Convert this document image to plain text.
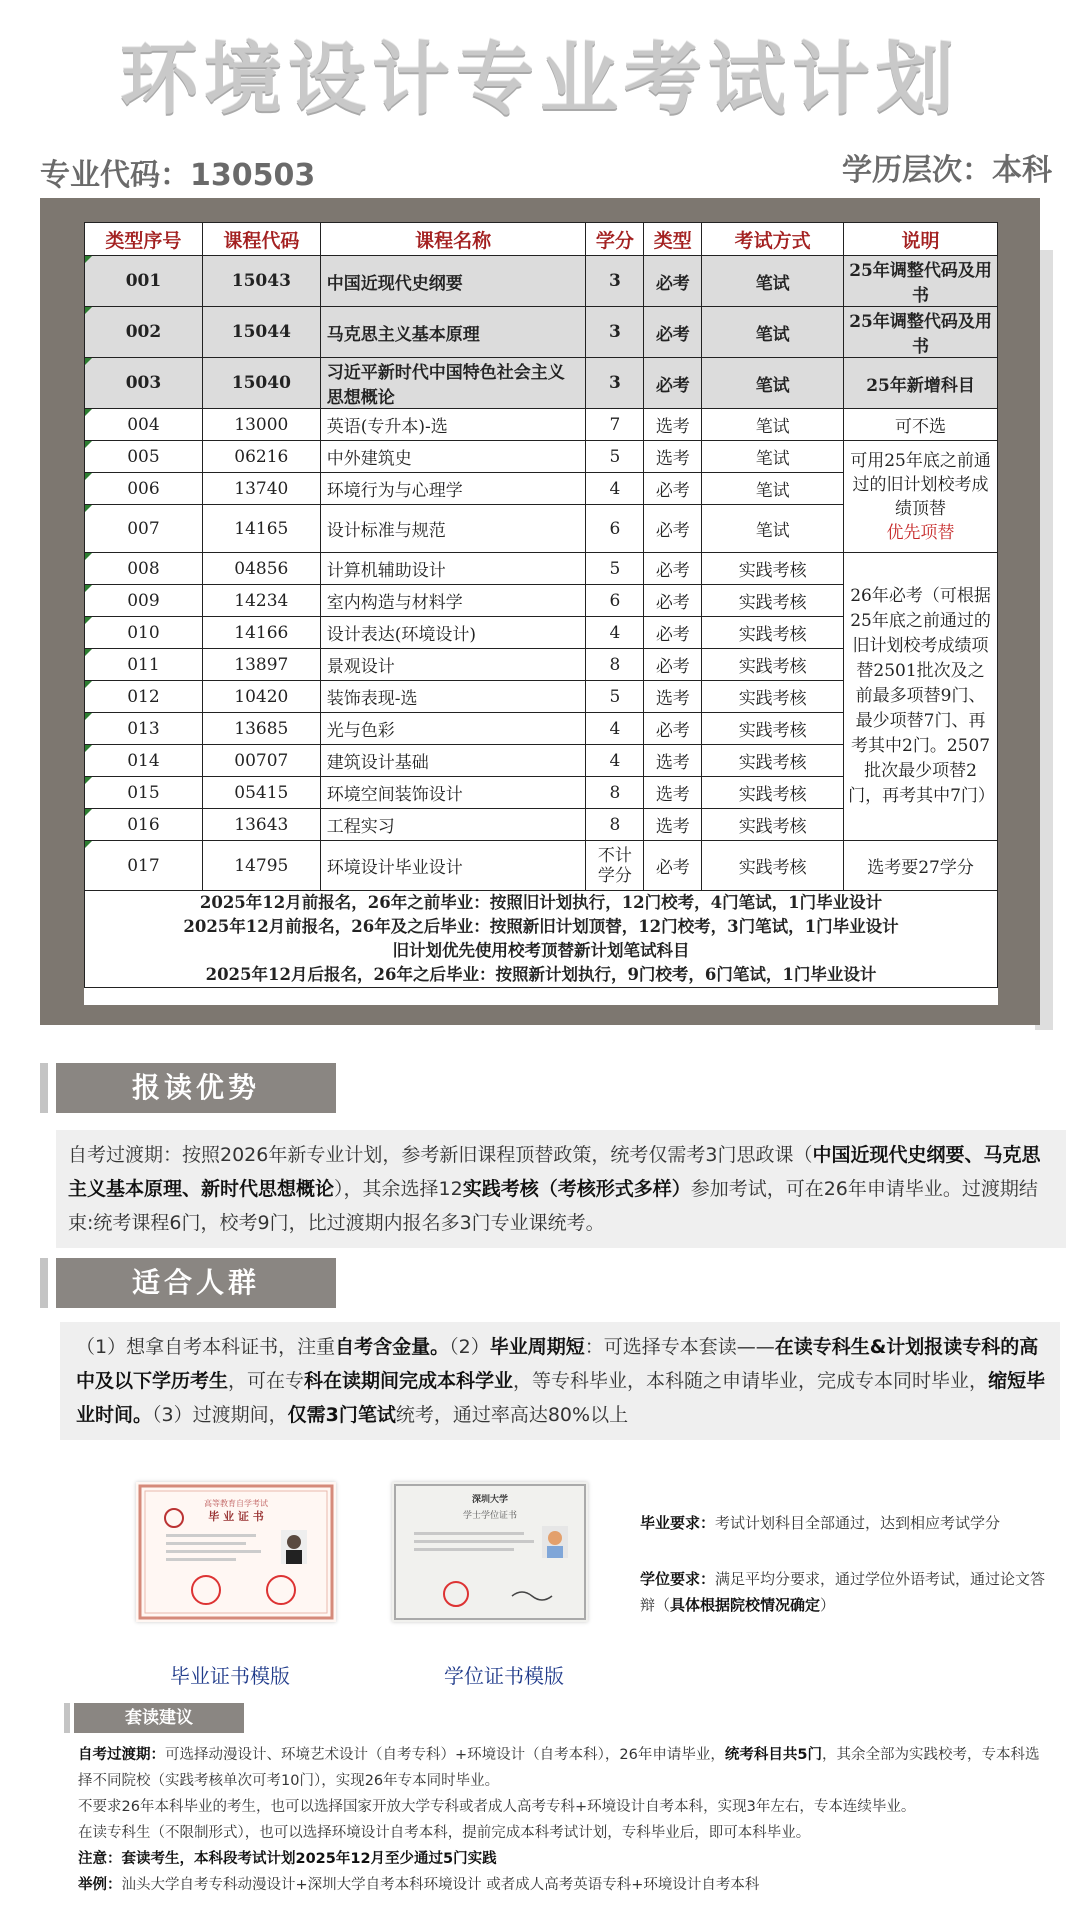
环境设计专业考试计划
专业代码：130503	学历层次：本科
类型序号	课程代码	课程名称	学分	类型	考试方式	说明
001	15043	中国近现代史纲要	3	必考	笔试	25年调整代码及用书
002	15044	马克思主义基本原理	3	必考	笔试	25年调整代码及用书
003	15040	习近平新时代中国特色社会主义思想概论	3	必考	笔试	25年新增科目
004	13000	英语(专升本)-选	7	选考	笔试	可不选
005	06216	中外建筑史	5	选考	笔试	可用25年底之前通过的旧计划校考成绩顶替
优先项替
006	13740	环境行为与心理学	4	必考	笔试	
007	14165	设计标准与规范	6	必考	笔试	
008	04856	计算机辅助设计	5	必考	实践考核	26年必考（可根据25年底之前通过的旧计划校考成绩项替2501批次及之前最多项替9门、最少项替7门、再考其中2门。2507批次最少项替2门，再考其中7门）
009	14234	室内构造与材料学	6	必考	实践考核	
010	14166	设计表达(环境设计)	4	必考	实践考核	
011	13897	景观设计	8	必考	实践考核	
012	10420	装饰表现-选	5	选考	实践考核	
013	13685	光与色彩	4	必考	实践考核	
014	00707	建筑设计基础	4	选考	实践考核	
015	05415	环境空间装饰设计	8	选考	实践考核	
016	13643	工程实习	8	选考	实践考核	
017	14795	环境设计毕业设计	不计学分	必考	实践考核	选考要27学分

2025年12月前报名，26年之前毕业：按照旧计划执行，12门校考，4门笔试，1门毕业设计
2025年12月前报名，26年及之后毕业：按照新旧计划顶替，12门校考，3门笔试，1门毕业设计
旧计划优先使用校考顶替新计划笔试科目
2025年12月后报名，26年之后毕业：按照新计划执行，9门校考，6门笔试，1门毕业设计						
报读优势
自考过渡期：按照2026年新专业计划，参考新旧课程顶替政策，统考仅需考3门思政课（中国近现代史纲要、马克思主义基本原理、新时代思想概论），其余选择12实践考核（考核形式多样）参加考试，可在26年申请毕业。过渡期结束:统考课程6门，校考9门，比过渡期内报名多3门专业课统考。
适合人群
（1）想拿自考本科证书，注重自考含金量。（2）毕业周期短：可选择专本套读——在读专科生&计划报读专科的高中及以下学历考生，可在专科在读期间完成本科学业，等专科毕业，本科随之申请毕业，完成专本同时毕业，缩短毕业时间。（3）过渡期间，仅需3门笔试统考，通过率高达80%以上
高等教育自学考试
毕 业 证 书
深圳大学
学士学位证书
毕业证书模版	学位证书模版
毕业要求：考试计划科目全部通过，达到相应考试学分
学位要求：满足平均分要求，通过学位外语考试，通过论文答辩（具体根据院校情况确定）
套读建议
自考过渡期：可选择动漫设计、环境艺术设计（自考专科）+环境设计（自考本科），26年申请毕业，统考科目共5门，其余全部为实践校考，专本科选择不同院校（实践考核单次可考10门），实现26年专本同时毕业。
不要求26年本科毕业的考生，也可以选择国家开放大学专科或者成人高考专科+环境设计自考本科，实现3年左右，专本连续毕业。
在读专科生（不限制形式），也可以选择环境设计自考本科，提前完成本科考试计划，专科毕业后，即可本科毕业。
注意：套读考生，本科段考试计划2025年12月至少通过5门实践
举例：汕头大学自考专科动漫设计+深圳大学自考本科环境设计 或者成人高考英语专科+环境设计自考本科
